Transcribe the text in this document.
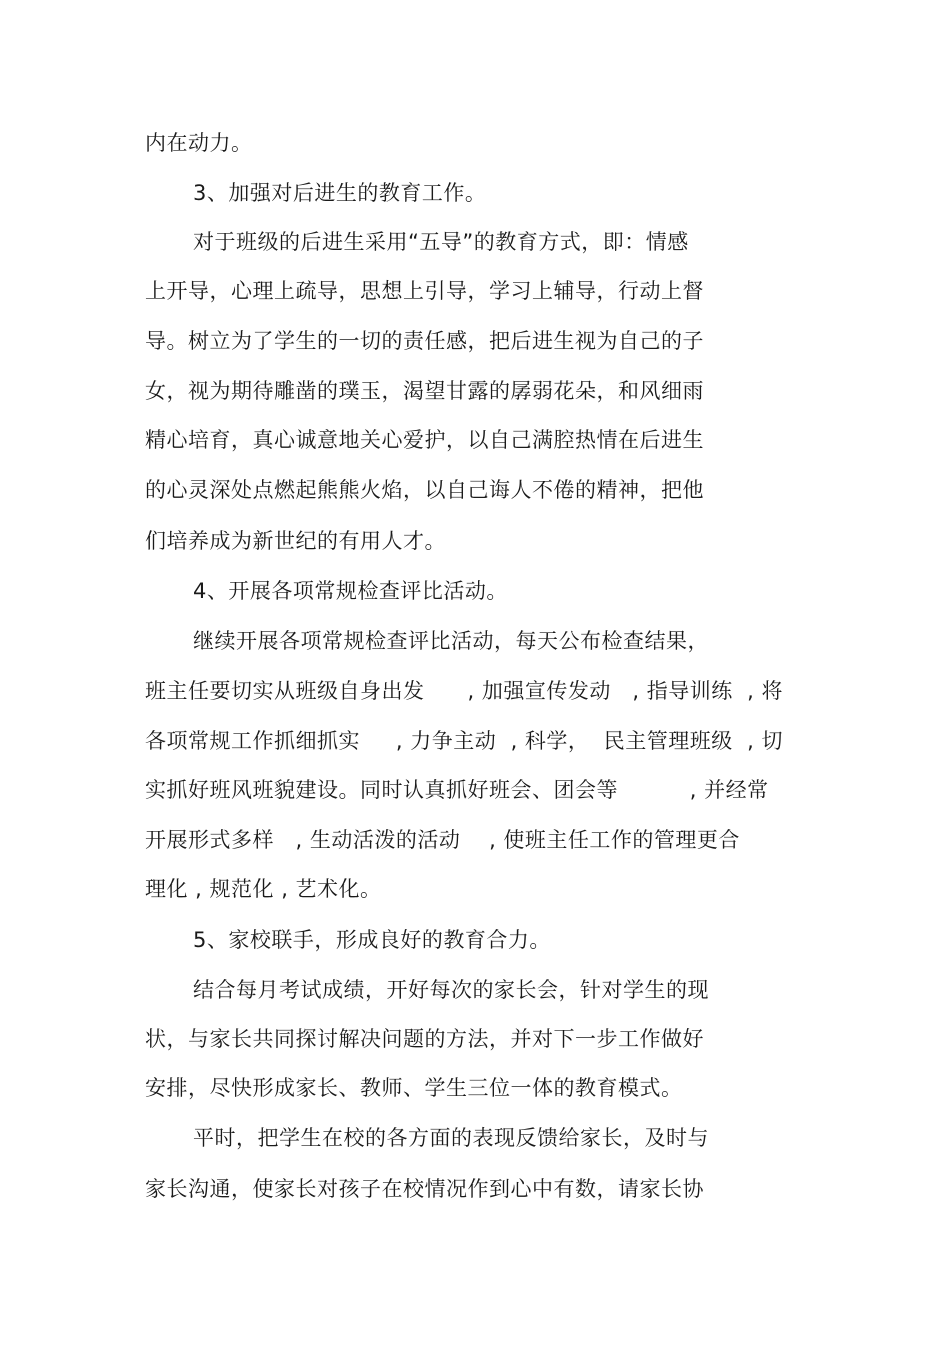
内在动力。
3、加强对后进生的教育工作。
对于班级的后进生采用“五导”的教育方式，即：情感
上开导，心理上疏导，思想上引导，学习上辅导，行动上督
导。树立为了学生的一切的责任感，把后进生视为自己的子
女，视为期待雕凿的璞玉，渴望甘露的孱弱花朵，和风细雨
精心培育，真心诚意地关心爱护，以自己满腔热情在后进生
的心灵深处点燃起熊熊火焰，以自己诲人不倦的精神，把他
们培养成为新世纪的有用人才。
4、开展各项常规检查评比活动。
继续开展各项常规检查评比活动，每天公布检查结果，
班主任要切实从班级自身出发      , 加强宣传发动   , 指导训练  , 将
各项常规工作抓细抓实     , 力争主动  , 科学，  民主管理班级  , 切
实抓好班风班貌建设。同时认真抓好班会、团会等          , 并经常
开展形式多样   , 生动活泼的活动    , 使班主任工作的管理更合
理化 , 规范化 , 艺术化。
5、家校联手，形成良好的教育合力。
结合每月考试成绩，开好每次的家长会，针对学生的现
状，与家长共同探讨解决问题的方法，并对下一步工作做好
安排，尽快形成家长、教师、学生三位一体的教育模式。
平时，把学生在校的各方面的表现反馈给家长，及时与
家长沟通，使家长对孩子在校情况作到心中有数，请家长协
